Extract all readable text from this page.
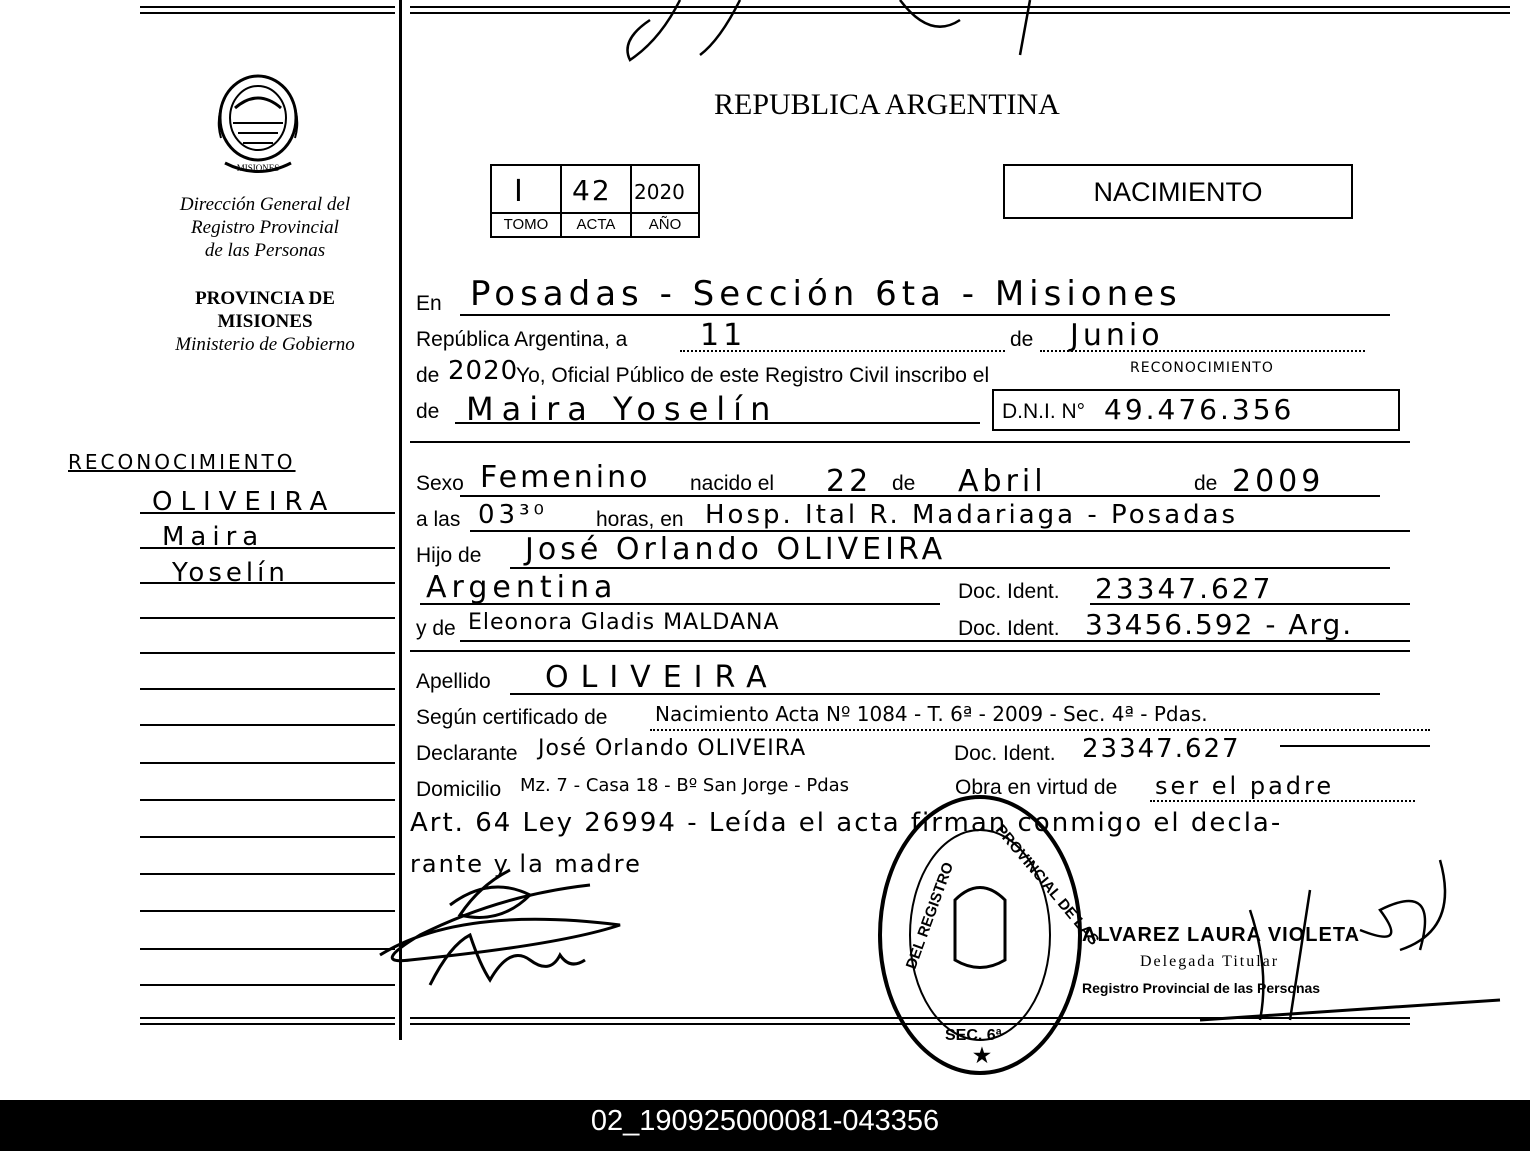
MISIONES
Dirección General del
Registro Provincial
de las Personas
PROVINCIA DE
MISIONES
Ministerio de Gobierno
RECONOCIMIENTO
OLIVEIRA
Maira
Yoselín
REPUBLICA ARGENTINA
I 42 2020
TOMO	ACTA	AÑO
NACIMIENTO
En Posadas - Sección 6ta - Misiones
República Argentina, a 11	de Junio
de 2020
Yo, Oficial Público de este Registro Civil inscribo el	RECONOCIMIENTO
de Maira Yoselín	D.N.I. N° 49.476.356
Sexo Femenino nacido el 22 de Abril	de 2009
a las 03³⁰ horas, en Hosp. Ital R. Madariaga - Posadas
Hijo de José Orlando OLIVEIRA
Argentina	Doc. Ident. 23347.627
y de Eleonora Gladis MALDANA	Doc. Ident. 33456.592 - Arg.
Apellido OLIVEIRA
Según certificado de Nacimiento Acta Nº 1084 - T. 6ª - 2009 - Sec. 4ª - Pdas.
Declarante José Orlando OLIVEIRA	Doc. Ident. 23347.627
Domicilio Mz. 7 - Casa 18 - Bº San Jorge - Pdas	Obra en virtud de ser el padre
Art. 64 Ley 26994 - Leída el acta firman conmigo el decla-
rante y la madre	DEL REGISTRO PROVINCIAL DE LAS
SEC. 6ª
★
ALVAREZ LAURA VIOLETA
Delegada Titular
Registro Provincial de las Personas
02_190925000081-043356
